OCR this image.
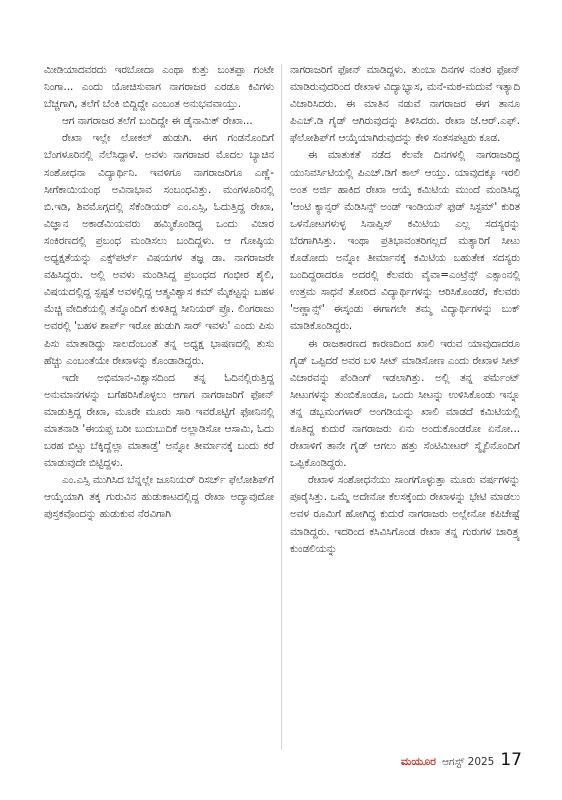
ಮೀಡಿಯಾದವರದು ಇರಬೋದಾ ಎಂಥಾ ಕುತ್ತು ಬಂತಪ್ಪಾ ಗಂಟೇ ನಿಂಗಾ... ಎಂದು ಯೋಚಿಸುವಾಗ ನಾಗರಾಜರ ಎರಡೂ ಕಿವಿಗಳು ಬೆಚ್ಚಗಾಗಿ, ತಲೆಗೆ ಬೆಂಕಿ ಬಿದ್ದಿದ್ದೇ ಎಂಬಂತ ಅನುಭವವಾಯ್ತು.

ಆಗ ನಾಗರಾಜರ ತಲೆಗೆ ಬಂದಿದ್ದೇ ಈ ಡೈನಾಮಿಕ್ ರೇಖಾ...

ರೇಖಾ ಇಲ್ಲೇ ಲೋಕಲ್ ಹುಡುಗಿ. ಈಗ ಗಂಡನೊಂದಿಗೆ ಬೆಂಗಳೂರಿನಲ್ಲಿ ನೆಲೆಸಿದ್ದಾಳೆ. ಅವಳು ನಾಗರಾಜರ ಮೊದಲ ಬ್ಯಾಚಿನ ಸಂಶೋಧನಾ ವಿದ್ಯಾರ್ಥಿನಿ. ಇವಳಿಗೂ ನಾಗರಾಜರಿಗೂ ಎಣ್ಣೆ-ಸೀಗೆಕಾಯಿಯಂಥ ಅವಿನಾಭಾವ ಸಂಬಂಧವಿತ್ತು. ಮಂಗಳೂರಿನಲ್ಲಿ ಬಿ.ಇಡಿ, ಶಿವಮೊಗ್ಗದಲ್ಲಿ ಸೆಕೆಂಡಿಯರ್ ಎಂ.ಎಸ್ಸಿ, ಓದುತ್ತಿದ್ದ ರೇಖಾ, ವಿಜ್ಞಾನ ಅಕಾಡೆಮಿಯವರು ಹಮ್ಮಿಕೊಂಡಿದ್ದ ಒಂದು ವಿಚಾರ ಸಂಕಿರಣದಲ್ಲಿ ಪ್ರಬಂಧ ಮಂಡಿಸಲು ಬಂದಿದ್ದಳು. ಆ ಗೋಷ್ಠಿಯ ಅಧ್ಯಕ್ಷತೆಯನ್ನು ಎಕ್ಸ್‌ಪರ್ಟ್ ವಿಷಯಗಳ ತಜ್ಞ ಡಾ. ನಾಗರಾಜರೇ ವಹಿಸಿದ್ದರು. ಅಲ್ಲಿ ಅವಳು ಮಂಡಿಸಿದ್ದ ಪ್ರಬಂಧದ ಗಂಭೀರ ಶೈಲಿ, ವಿಷಯದಲ್ಲಿದ್ದ ಸ್ಪಷ್ಟತೆ ಅವಳಲ್ಲಿದ್ದ ಆತ್ಮವಿಶ್ವಾಸ ಕಮ್ ಮೈಕಟ್ಟನ್ನು ಬಹಳ ಮೆಚ್ಚಿ ವೇದಿಕೆಯಲ್ಲಿ ತನ್ನೊಂದಿಗೆ ಕುಳಿತಿದ್ದ ಸೀನಿಯರ್ ಪ್ರೊ. ಲಿಂಗರಾಜು ಅವರಲ್ಲಿ 'ಬಹಳ ಶಾರ್ಪ್ ಇರೋ ಹುಡುಗಿ ಸಾರ್ ಇವಳು' ಎಂದು ಪಿಸು ಪಿಸು ಮಾತಾಡಿದ್ದು ಸಾಲದೆಂಬಂತೆ ತನ್ನ ಅಧ್ಯಕ್ಷ ಭಾಷಣದಲ್ಲಿ ತುಸು ಹೆಚ್ಚು ಎಂಬಂತೆಯೇ ರೇಖಾಳನ್ನು ಕೊಂಡಾಡಿದ್ದರು.

ಇದೇ ಅಭಿಮಾನ-ವಿಶ್ವಾಸದಿಂದ ತನ್ನ ಓದಿನಲ್ಲಿರುತ್ತಿದ್ದ ಅನುಮಾನಗಳನ್ನು ಬಗೆಹರಿಸಿಕೊಳ್ಳಲು ಆಗಾಗ ನಾಗರಾಜರಿಗೆ ಫೋನ್ ಮಾಡುತ್ತಿದ್ದ ರೇಖಾ, ಮೂರೇ ಮೂರು ಸಾರಿ ಇವರೊಟ್ಟಿಗೆ ಫೋನಿನಲ್ಲಿ ಮಾತನಾಡಿ 'ಈಯಪ್ಪ ಬರೀ ಬುದುಬುದಿಕೆ ಅಲ್ಲಾಡಿಸೋ ಆಸಾಮಿ, ಓದು ಬರಹ ಬಿಟ್ಟು ಬೆಕ್ಕಿದ್ದೆಲ್ಲಾ ಮಾತಾಡ್ತೆ' ಅನ್ನೋ ತೀರ್ಮಾನಕ್ಕೆ ಬಂದು ಕರೆ ಮಾಡುವುದೇ ಬಿಟ್ಟಿದ್ದಳು.

ಎಂ.ಎಸ್ಸಿ ಮುಗಿಸಿದ ಬೆನ್ನಲ್ಲೇ ಜೂನಿಯರ್ ರಿಸರ್ಚ್ ಫೆಲೋಶಿಪ್‌ಗೆ ಆಯ್ಕೆಯಾಗಿ ತಕ್ಕ ಗುರುವಿನ ಹುಡುಕಾಟದಲ್ಲಿದ್ದ ರೇಖಾ ಅದ್ಯಾವುದೋ ಪುಸ್ತಕವೊಂದನ್ನು ಹುಡುಕುವ ನೆರವಿಗಾಗಿ

ನಾಗರಾಜರಿಗೆ ಫೋನ್ ಮಾಡಿದ್ದಳು. ತುಂಬಾ ದಿನಗಳ ನಂತರ ಫೋನ್ ಮಾಡಿರುವುದರಿಂದ ರೇಖಾಳ ವಿದ್ಯಾಭ್ಯಾಸ, ಮನೆ-ಮಠ-ಮದುವೆ ಇತ್ಯಾದಿ ವಿಚಾರಿಸಿದರು. ಈ ಮಾತಿನ ನಡುವೆ ನಾಗರಾಜರ ಈಗ ತಾನೂ ಪಿಎಚ್.ಡಿ ಗೈಡ್ ಆಗಿರುವುದನ್ನು ತಿಳಿಸಿದರು. ರೇಖಾ ಜೆ.ಆರ್.ಎಫ್. ಫೆಲೋಶಿಪ್‌ಗೆ ಆಯ್ಕೆಯಾಗಿರುವುದನ್ನು ಕೇಳಿ ಸಂತಸಪಟ್ಟರು ಕೂಡ.

ಈ ಮಾತುಕತೆ ನಡೆದ ಕೆಲವೇ ದಿನಗಳಲ್ಲಿ ನಾಗರಾಜರಿದ್ದ ಯುನಿವರ್ಸಿಟಿಯಲ್ಲಿ ಪಿಎಚ್.ಡಿಗೆ ಕಾಲ್ ಆಯ್ತು. ಯಾವುದಕ್ಕೂ ಇರಲಿ ಅಂತ ಅರ್ಜಿ ಹಾಕಿದ ರೇಖಾ ಆಯ್ಕೆ ಕಮಿಟಿಯ ಮುಂದೆ ಮಂಡಿಸಿದ್ದ 'ಆಂಟಿ ಕ್ಯಾನ್ಸರ್ ಮೆಡಿಸಿನ್ಸ್ ಅಂಡ್ ಇಂಡಿಯನ್ ಫುಡ್ ಸಿಸ್ಟಮ್' ಕುರಿತ ಒಳನೋಟಗಳುಳ್ಳ ಸಿನಾಪ್ಸಿಸ್ ಕಮಿಟಿಯ ಎಲ್ಲ ಸದಸ್ಯರನ್ನು ಬೆರಗಾಗಿಸಿತ್ತು. ಇಂಥಾ ಪ್ರತಿಭಾವಂತರಿಗಲ್ಲದೆ ಮತ್ಯಾರಿಗೆ ಸೀಟು ಕೊಡೋದು ಅನ್ನೋ ತೀರ್ಮಾನಕ್ಕೆ ಕಮಿಟಿಯ ಬಹುತೇಕ ಸದಸ್ಯರು ಬಂದಿದ್ದರಾದರೂ ಅದರಲ್ಲಿ ಕೆಲವರು ವೈವಾ=ಎಂಟ್ರೆನ್ಸ್ ಎಕ್ಸಾಂನಲ್ಲಿ ಉತ್ತಮ ಸಾಧನೆ ತೋರಿದ ವಿದ್ಯಾರ್ಥಿಗಳನ್ನು ಆರಿಸಿಕೊಂಡರೆ, ಕೆಲವರು 'ಅಣ್ಣಾನ್ಸ್' ಈಸ್ಕಂಡು ಈಗಾಗಲೇ ತಮ್ಮ ವಿದ್ಯಾರ್ಥಿಗಳನ್ನು ಬುಕ್ ಮಾಡಿಕೊಂಡಿದ್ದರು.

ಈ ರಾಜಕಾರಣದ ಕಾರಣದಿಂದ ಖಾಲಿ ಇರುವ ಯಾವುದಾದರೂ ಗೈಡ್ ಒಪ್ಪಿದರೆ ಅವರ ಬಳಿ ಸೀಟ್ ಮಾಡಿಸೋಣ ಎಂದು ರೇಖಾಳ ಸೀಟ್ ವಿಚಾರವನ್ನು ಪೆಂಡಿಂಗ್ ಇಡಲಾಗಿತ್ತು. ಅಲ್ಲಿ ತನ್ನ ಪರ್ಮೆಂಟ್ ಸೀಟುಗಳನ್ನು ತುಂಬಿಕೊಂಡೂ, ಒಂದು ಸೀಟನ್ನು ಉಳಿಸಿಕೊಂಡು ಇನ್ನೂ ತನ್ನ ಡಬ್ಬಮಂಗಳಾರ್ ಅಂಗಡಿಯನ್ನು ಖಾಲಿ ಮಾಡದೆ ಕಮಿಟಿಯಲ್ಲಿ ಕೂತಿದ್ದ ಕುದುರೆ ನಾಗರಾಜರು ಏನು ಅಂದುಕೊಂಡರೋ ಏನೋ... ರೇಖಾಳಿಗೆ ತಾನೇ ಗೈಡ್ ಆಗಲು ಹತ್ತು ಸೆಂಟಿಮೀಟರ್ ಸ್ಮೈಲಿನೊಂದಿಗೆ ಒಪ್ಪಿಕೊಂಡಿದ್ದರು.

ರೇಖಾಳ ಸಂಶೋಧನೆಯು ಸಾಂಗಗೊಳ್ಳುತ್ತಾ ಮೂರು ವರ್ಷಗಳನ್ನು ಪೂರೈಸಿತ್ತು. ಒಮ್ಮೆ ಅದೇನೋ ಕೆಲಸಕ್ಕೆಂದು ರೇಖಾಳನ್ನು ಭೇಟಿ ಮಾಡಲು ಅವಳ ರೂಮಿಗೆ ಹೋಗಿದ್ದ ಕುದುರೆ ನಾಗರಾಜರು ಅಲ್ಲೇನೋ ಕಪಿಚೇಷ್ಟೆ ಮಾಡಿದ್ದರು. ಇದರಿಂದ ಕಸಿವಿಸಿಗೊಂಡ ರೇಖಾ ತನ್ನ ಗುರುಗಳ ಚಾರಿತ್ರ್ಯ ಕುಂಡಲಿಯನ್ನು

ಮಯೂರ ಆಗಸ್ಟ್ 2025 17
